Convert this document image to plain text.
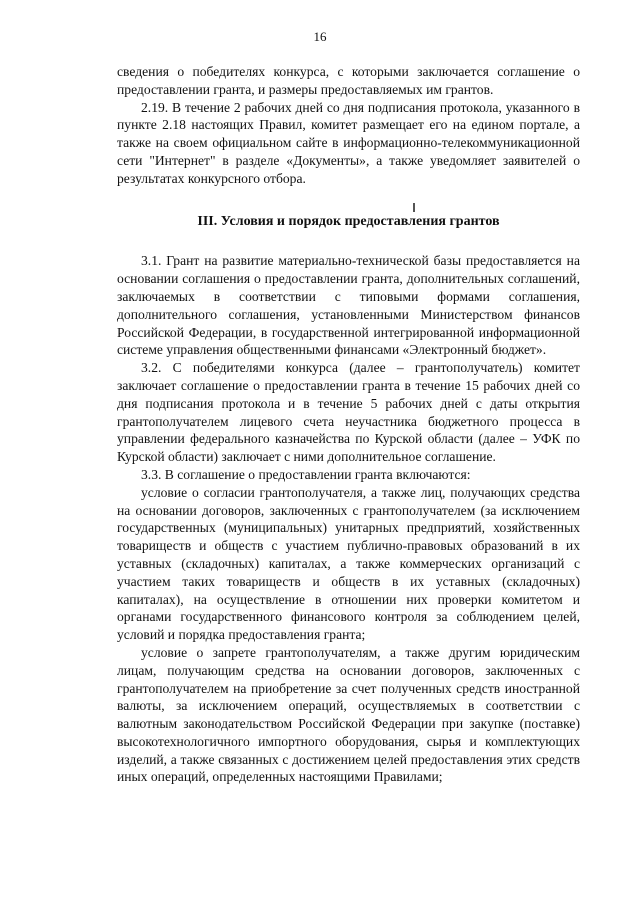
16

сведения о победителях конкурса, с которыми заключается соглашение о предоставлении гранта, и размеры предоставляемых им грантов.

2.19. В течение 2 рабочих дней со дня подписания протокола, указанного в пункте 2.18 настоящих Правил, комитет размещает его на едином портале, а также на своем официальном сайте в информационно-телекоммуникационной сети "Интернет" в разделе «Документы», а также уведомляет заявителей о результатах конкурсного отбора.

III. Условия и порядок предоставления грантов

3.1. Грант на развитие материально-технической базы предоставляется на основании соглашения о предоставлении гранта, дополнительных соглашений, заключаемых в соответствии с типовыми формами соглашения, дополнительного соглашения, установленными Министерством финансов Российской Федерации, в государственной интегрированной информационной системе управления общественными финансами «Электронный бюджет».

3.2. С победителями конкурса (далее – грантополучатель) комитет заключает соглашение о предоставлении гранта в течение 15 рабочих дней со дня подписания протокола и в течение 5 рабочих дней с даты открытия грантополучателем лицевого счета неучастника бюджетного процесса в управлении федерального казначейства по Курской области (далее – УФК по Курской области) заключает с ними дополнительное соглашение.

3.3. В соглашение о предоставлении гранта включаются:

условие о согласии грантополучателя, а также лиц, получающих средства на основании договоров, заключенных с грантополучателем (за исключением государственных (муниципальных) унитарных предприятий, хозяйственных товариществ и обществ с участием публично-правовых образований в их уставных (складочных) капиталах, а также коммерческих организаций с участием таких товариществ и обществ в их уставных (складочных) капиталах), на осуществление в отношении них проверки комитетом и органами государственного финансового контроля за соблюдением целей, условий и порядка предоставления гранта;

условие о запрете грантополучателям, а также другим юридическим лицам, получающим средства на основании договоров, заключенных с грантополучателем на приобретение за счет полученных средств иностранной валюты, за исключением операций, осуществляемых в соответствии с валютным законодательством Российской Федерации при закупке (поставке) высокотехнологичного импортного оборудования, сырья и комплектующих изделий, а также связанных с достижением целей предоставления этих средств иных операций, определенных настоящими Правилами;
